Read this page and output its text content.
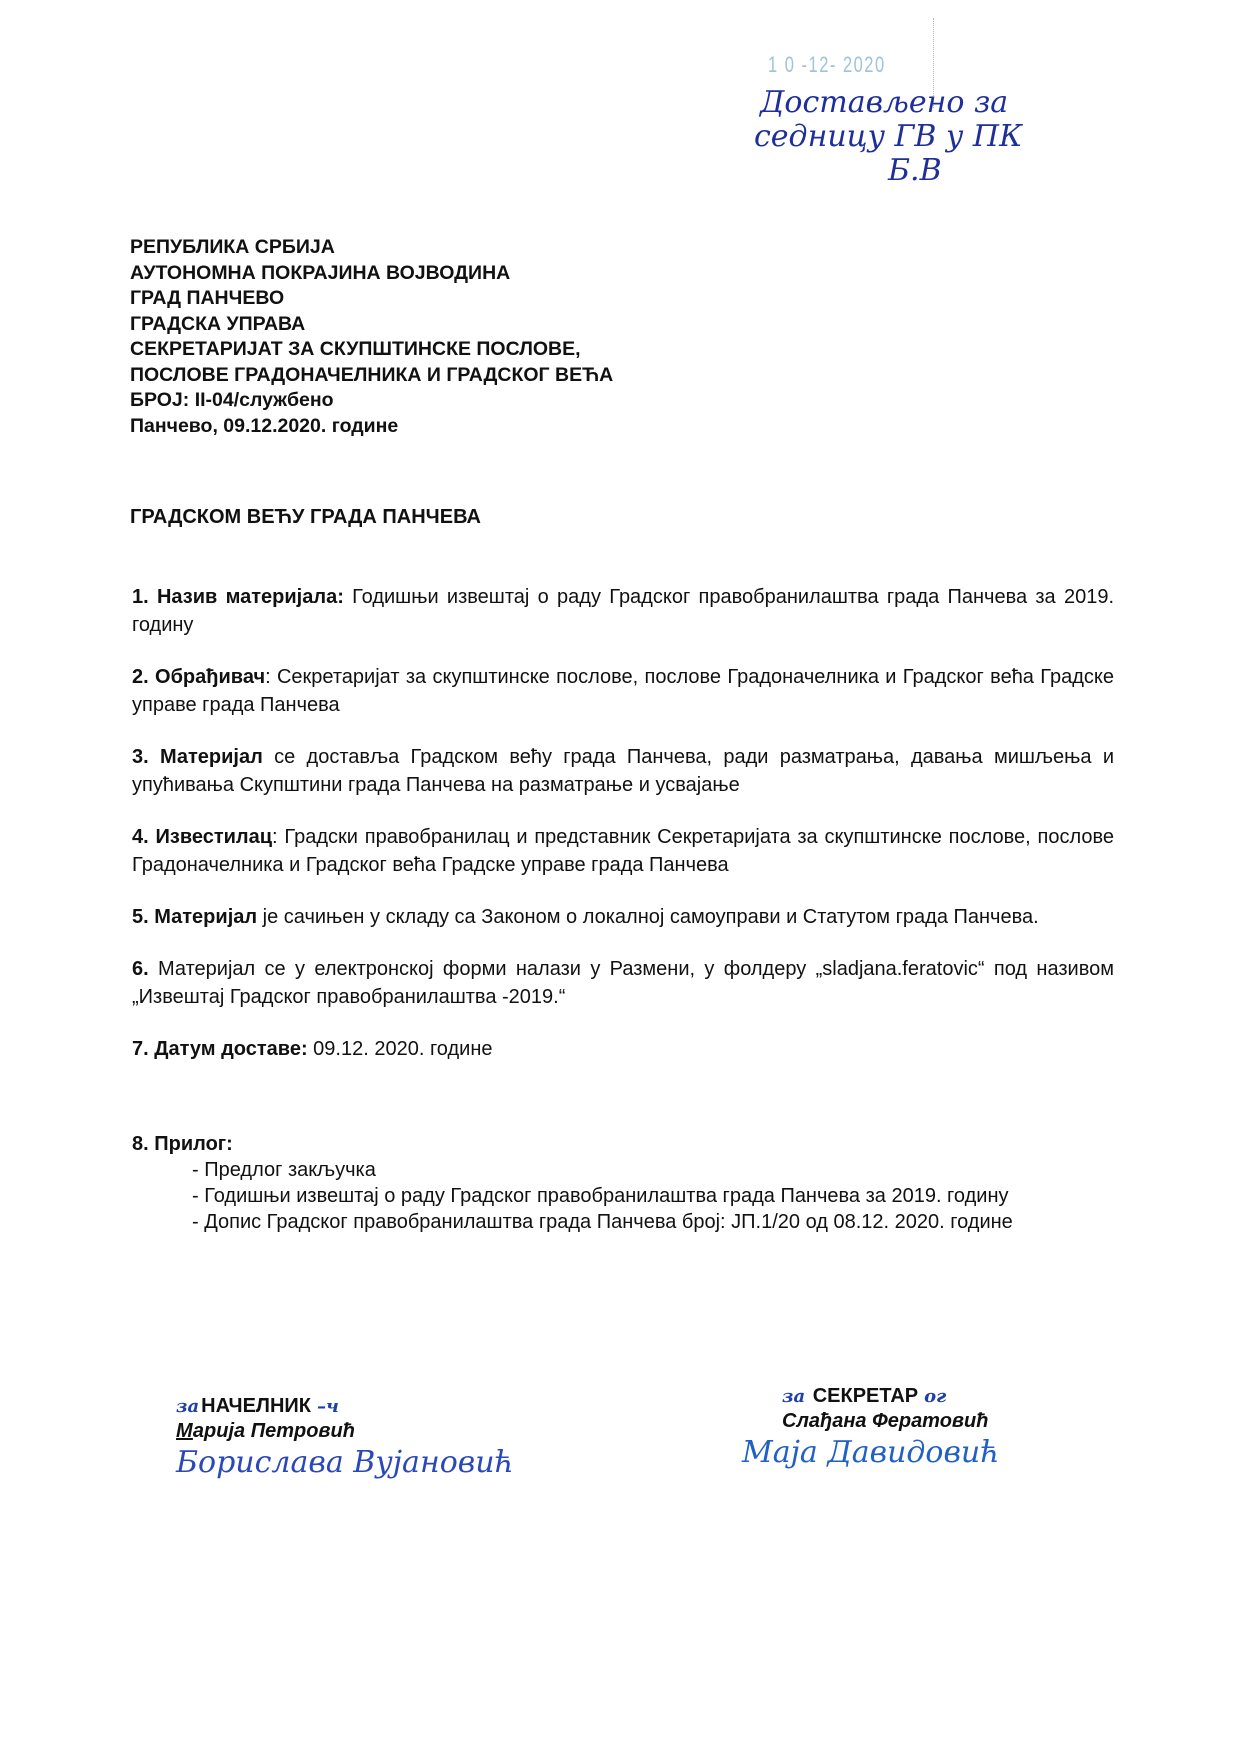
1 0 -12- 2020
Достављено за
седницу ГВ у ПК
Б.В
РЕПУБЛИКА СРБИЈА
АУТОНОМНА ПОКРАЈИНА ВОЈВОДИНА
ГРАД ПАНЧЕВО
ГРАДСКА УПРАВА
СЕКРЕТАРИЈАТ ЗА СКУПШТИНСКЕ ПОСЛОВЕ,
ПОСЛОВЕ ГРАДОНАЧЕЛНИКА И ГРАДСКОГ ВЕЋА
БРОЈ: II-04/службено
Панчево, 09.12.2020. године
ГРАДСКОМ ВЕЋУ ГРАДА ПАНЧЕВА
1. Назив материјала: Годишњи извештај о раду Градског правобранилаштва града Панчева за 2019. годину
2. Обрађивач: Секретаријат за скупштинске послове, послове Градоначелника и Градског већа Градске управе града Панчева
3. Материјал се доставља Градском већу града Панчева, ради разматрања, давања мишљења и упућивања Скупштини града Панчева на разматрање и усвајање
4. Известилац: Градски правобранилац и представник Секретаријата за скупштинске послове, послове Градоначелника и Градског већа Градске управе града Панчева
5. Материјал је сачињен у складу са Законом о локалној самоуправи и Статутом града Панчева.
6. Материјал се у електронској форми налази у Размени, у фолдеру „sladjana.feratovic“ под називом „Извештај Градског правобранилаштва -2019.“
7. Датум доставе: 09.12. 2020. године
8. Прилог:
- Предлог закључка
- Годишњи извештај о раду Градског правобранилаштва града Панчева за 2019. годину
- Допис Градског правобранилаштва града Панчева број: ЈП.1/20 од 08.12. 2020. године
за НАЧЕЛНИК –ч
Марија Петровић
Борислава Вујановић
за СЕКРЕТАР ог
Слађана Ферaтовић
Маја Давидовић
